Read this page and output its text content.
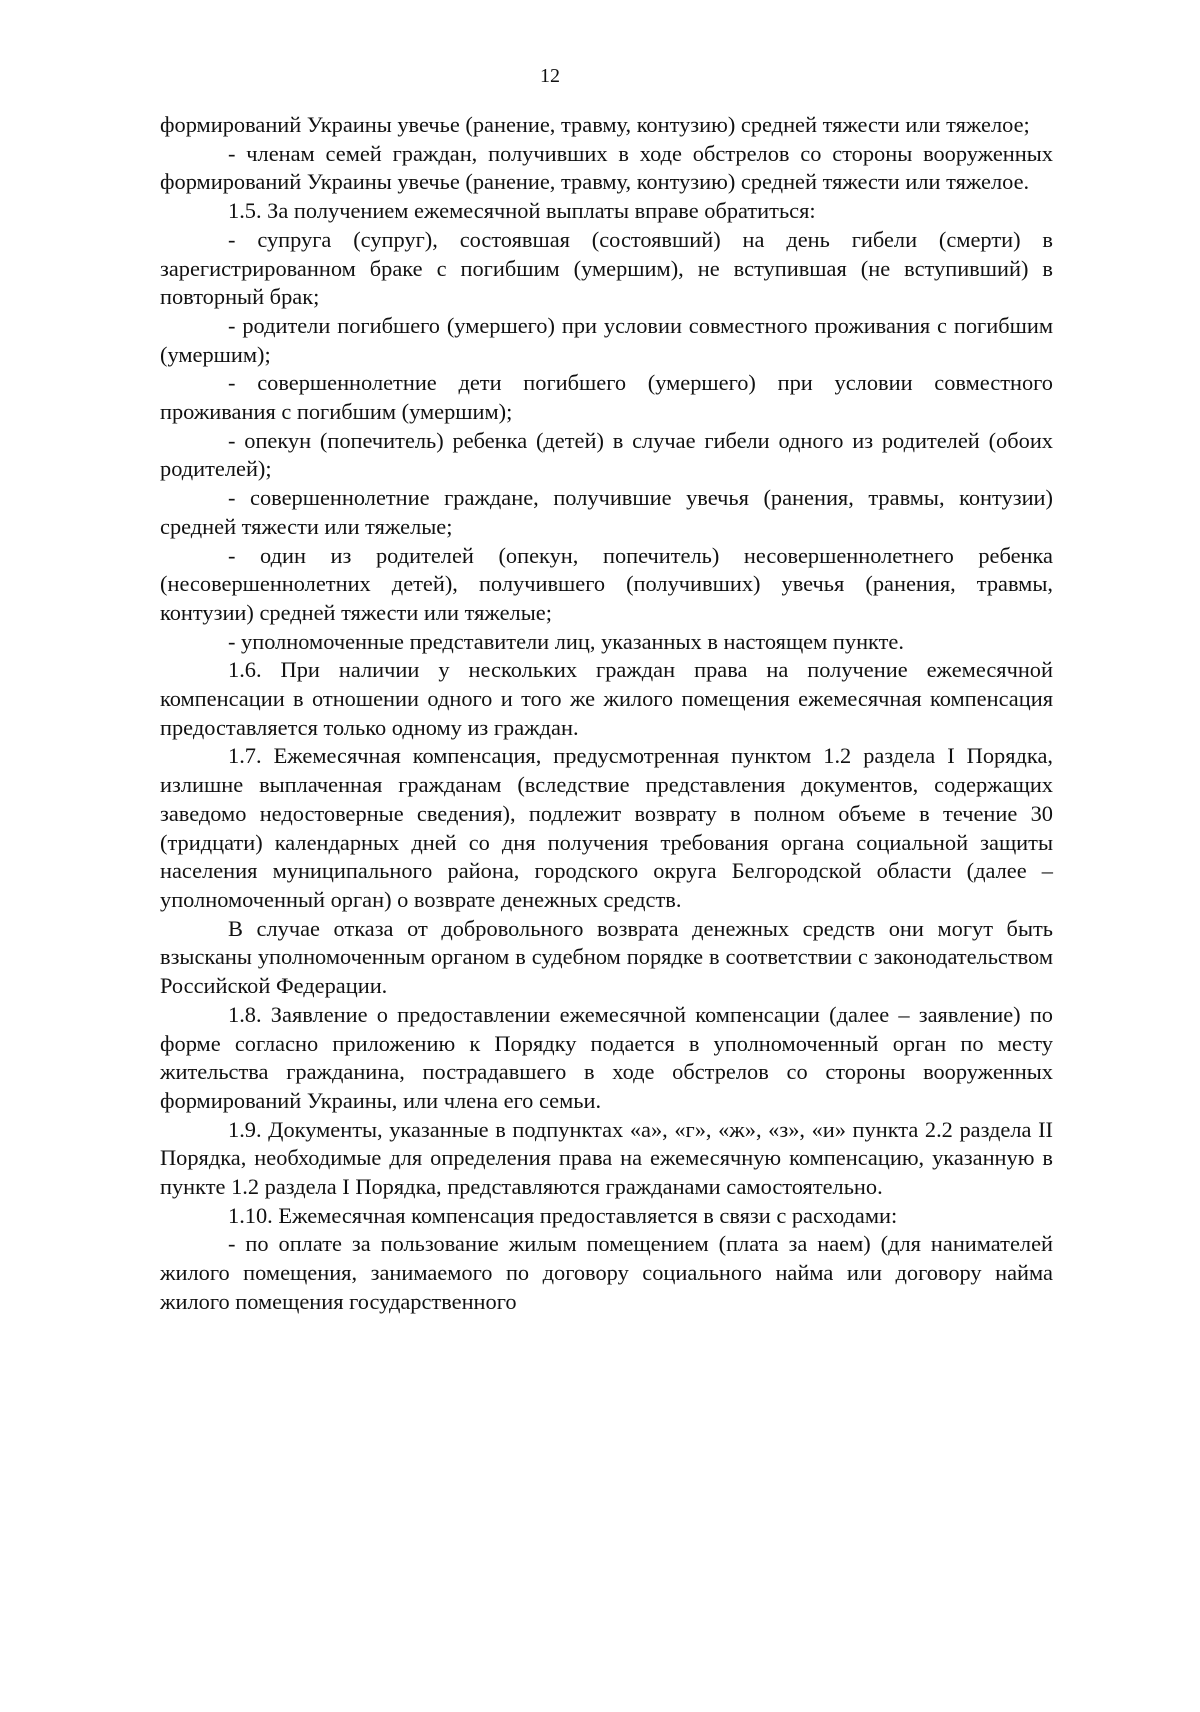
12

формирований Украины увечье (ранение, травму, контузию) средней тяжести или тяжелое;

- членам семей граждан, получивших в ходе обстрелов со стороны вооруженных формирований Украины увечье (ранение, травму, контузию) средней тяжести или тяжелое.

1.5. За получением ежемесячной выплаты вправе обратиться:

- супруга (супруг), состоявшая (состоявший) на день гибели (смерти) в зарегистрированном браке с погибшим (умершим), не вступившая (не вступивший) в повторный брак;

- родители погибшего (умершего) при условии совместного проживания с погибшим (умершим);

- совершеннолетние дети погибшего (умершего) при условии совместного проживания с погибшим (умершим);

- опекун (попечитель) ребенка (детей) в случае гибели одного из родителей (обоих родителей);

- совершеннолетние граждане, получившие увечья (ранения, травмы, контузии) средней тяжести или тяжелые;

- один из родителей (опекун, попечитель) несовершеннолетнего ребенка (несовершеннолетних детей), получившего (получивших) увечья (ранения, травмы, контузии) средней тяжести или тяжелые;

- уполномоченные представители лиц, указанных в настоящем пункте.

1.6. При наличии у нескольких граждан права на получение ежемесячной компенсации в отношении одного и того же жилого помещения ежемесячная компенсация предоставляется только одному из граждан.

1.7. Ежемесячная компенсация, предусмотренная пунктом 1.2 раздела I Порядка, излишне выплаченная гражданам (вследствие представления документов, содержащих заведомо недостоверные сведения), подлежит возврату в полном объеме в течение 30 (тридцати) календарных дней со дня получения требования органа социальной защиты населения муниципального района, городского округа Белгородской области (далее – уполномоченный орган) о возврате денежных средств.

В случае отказа от добровольного возврата денежных средств они могут быть взысканы уполномоченным органом в судебном порядке в соответствии с законодательством Российской Федерации.

1.8. Заявление о предоставлении ежемесячной компенсации (далее – заявление) по форме согласно приложению к Порядку подается в уполномоченный орган по месту жительства гражданина, пострадавшего в ходе обстрелов со стороны вооруженных формирований Украины, или члена его семьи.

1.9. Документы, указанные в подпунктах «а», «г», «ж», «з», «и» пункта 2.2 раздела II Порядка, необходимые для определения права на ежемесячную компенсацию, указанную в пункте 1.2 раздела I Порядка, представляются гражданами самостоятельно.

1.10. Ежемесячная компенсация предоставляется в связи с расходами:

- по оплате за пользование жилым помещением (плата за наем) (для нанимателей жилого помещения, занимаемого по договору социального найма или договору найма жилого помещения государственного
